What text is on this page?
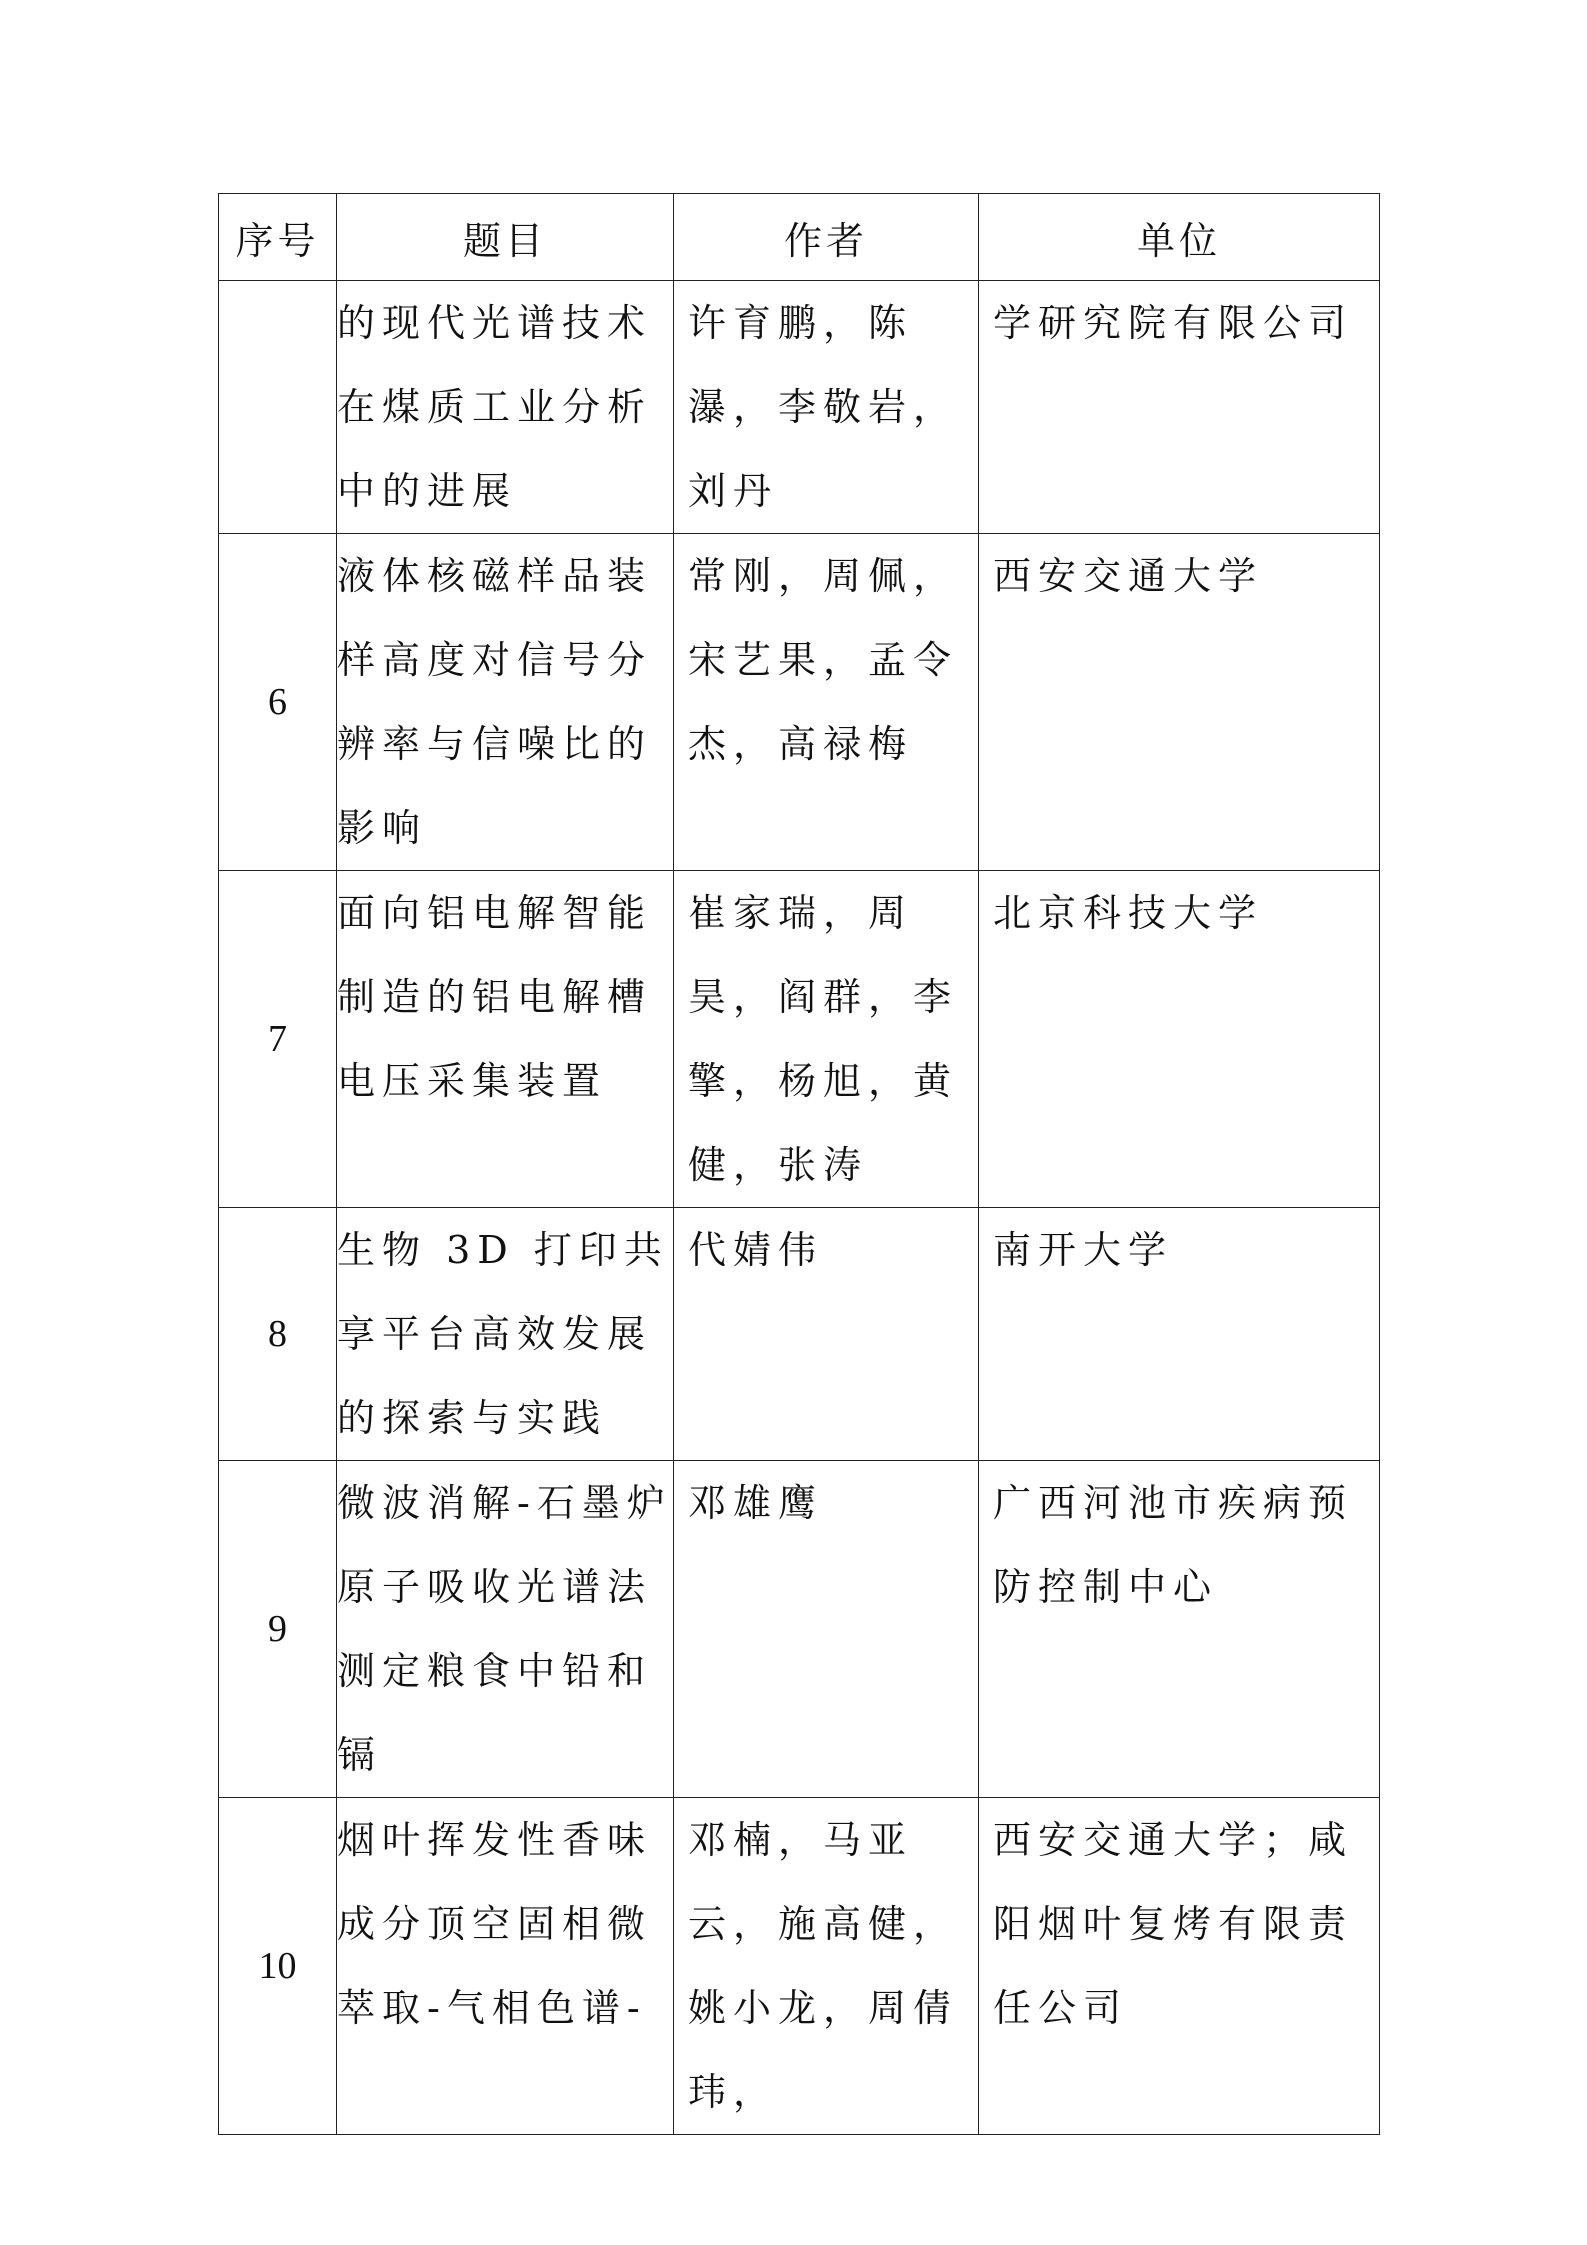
序号	题目	作者	单位
	的现代光谱技术在煤质工业分析中的进展	许育鹏，陈瀑，李敬岩，刘丹	学研究院有限公司
6	液体核磁样品装样高度对信号分辨率与信噪比的影响	常刚，周佩，宋艺果，孟令杰，高禄梅	西安交通大学
7	面向铝电解智能制造的铝电解槽电压采集装置	崔家瑞，周昊，阎群，李擎，杨旭，黄健，张涛	北京科技大学
8	生物 3D 打印共享平台高效发展的探索与实践	代婧伟	南开大学
9	微波消解-石墨炉原子吸收光谱法测定粮食中铅和镉	邓雄鹰	广西河池市疾病预防控制中心
10	烟叶挥发性香味成分顶空固相微萃取-气相色谱-	邓楠，马亚云，施高健，姚小龙，周倩玮，	西安交通大学；咸阳烟叶复烤有限责任公司
